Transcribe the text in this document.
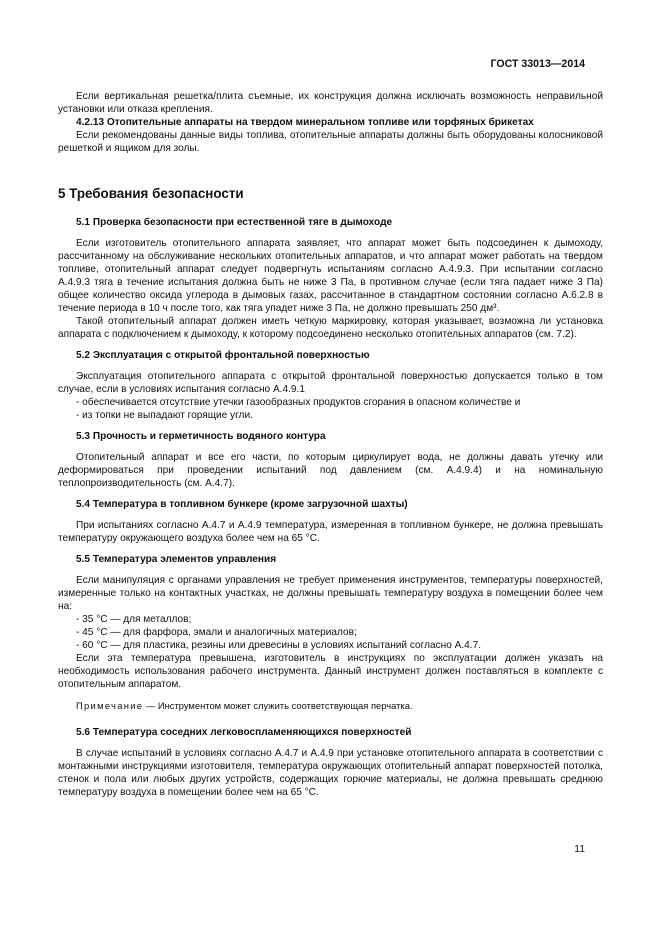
ГОСТ 33013—2014

Если вертикальная решетка/плита съемные, их конструкция должна исключать возможность неправильной установки или отказа крепления.

4.2.13 Отопительные аппараты на твердом минеральном топливе или торфяных брикетах

Если рекомендованы данные виды топлива, отопительные аппараты должны быть оборудованы колосниковой решеткой и ящиком для золы.

5 Требования безопасности

5.1 Проверка безопасности при естественной тяге в дымоходе

Если изготовитель отопительного аппарата заявляет, что аппарат может быть подсоединен к дымоходу, рассчитанному на обслуживание нескольких отопительных аппаратов, и что аппарат может работать на твердом топливе, отопительный аппарат следует подвергнуть испытаниям согласно А.4.9.3. При испытании согласно А.4.9.3 тяга в течение испытания должна быть не ниже 3 Па, в противном случае (если тяга падает ниже 3 Па) общее количество оксида углерода в дымовых газах, рассчитанное в стандартном состоянии согласно А.6.2.8 в течение периода в 10 ч после того, как тяга упадет ниже 3 Па, не должно превышать 250 дм³.

Такой отопительный аппарат должен иметь четкую маркировку, которая указывает, возможна ли установка аппарата с подключением к дымоходу, к которому подсоединено несколько отопительных аппаратов (см. 7.2).

5.2 Эксплуатация с открытой фронтальной поверхностью

Эксплуатация отопительного аппарата с открытой фронтальной поверхностью допускается только в том случае, если в условиях испытания согласно А.4.9.1

- обеспечивается отсутствие утечки газообразных продуктов сгорания в опасном количестве и

- из топки не выпадают горящие угли.

5.3 Прочность и герметичность водяного контура

Отопительный аппарат и все его части, по которым циркулирует вода, не должны давать утечку или деформироваться при проведении испытаний под давлением (см. А.4.9.4) и на номинальную теплопроизводительность (см. А.4.7).

5.4 Температура в топливном бункере (кроме загрузочной шахты)

При испытаниях согласно А.4.7 и А.4.9 температура, измеренная в топливном бункере, не должна превышать температуру окружающего воздуха более чем на 65 °С.

5.5 Температура элементов управления

Если манипуляция с органами управления не требует применения инструментов, температуры поверхностей, измеренные только на контактных участках, не должны превышать температуру воздуха в помещении более чем на:

- 35 °С — для металлов;

- 45 °С — для фарфора, эмали и аналогичных материалов;

- 60 °С — для пластика, резины или древесины в условиях испытаний согласно А.4.7.

Если эта температура превышена, изготовитель в инструкциях по эксплуатации должен указать на необходимость использования рабочего инструмента. Данный инструмент должен поставляться в комплекте с отопительным аппаратом.

Примечание — Инструментом может служить соответствующая перчатка.

5.6 Температура соседних легковоспламеняющихся поверхностей

В случае испытаний в условиях согласно А.4.7 и А.4.9 при установке отопительного аппарата в соответствии с монтажными инструкциями изготовителя, температура окружающих отопительный аппарат поверхностей потолка, стенок и пола или любых других устройств, содержащих горючие материалы, не должна превышать среднюю температуру воздуха в помещении более чем на 65 °С.

11
